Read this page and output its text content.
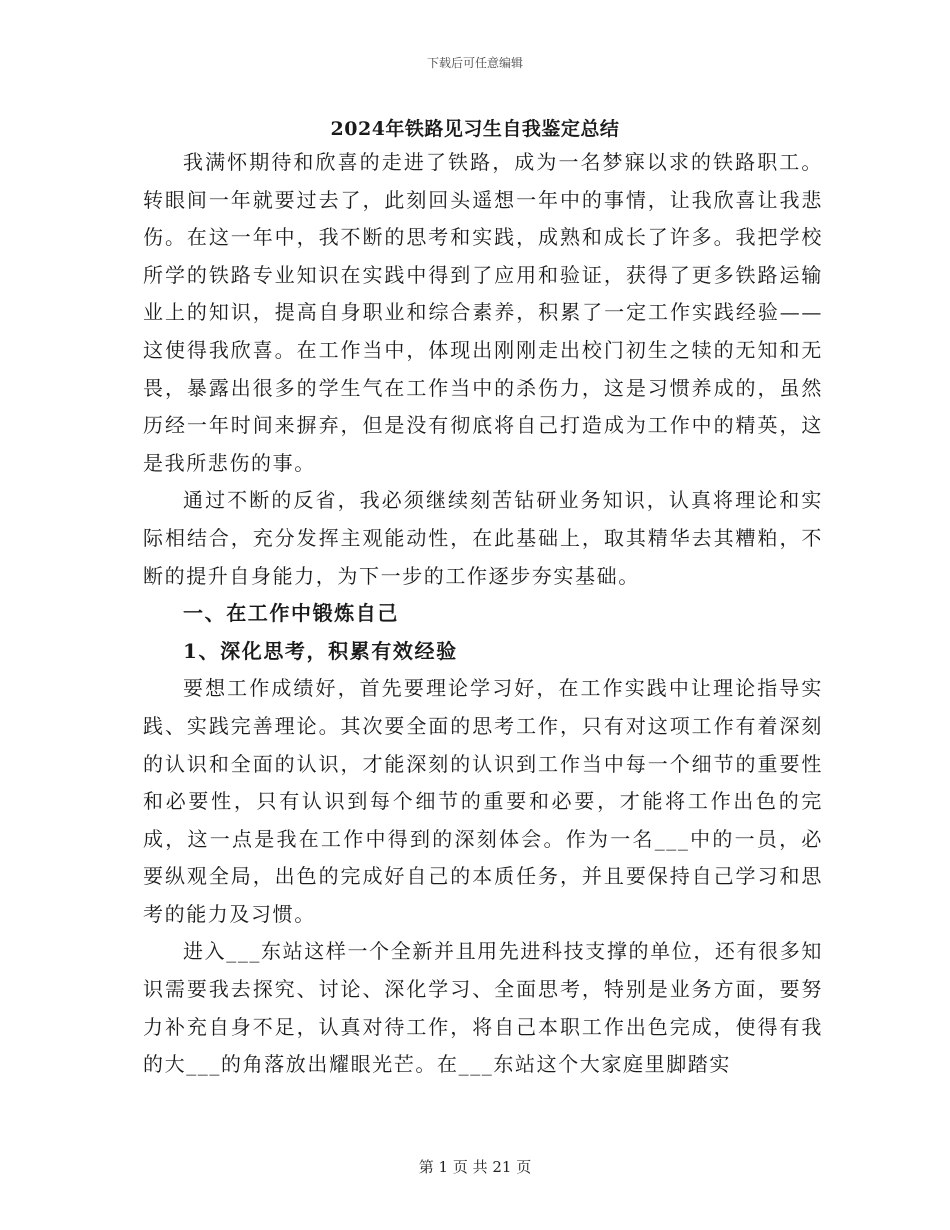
下载后可任意编辑
2024年铁路见习生自我鉴定总结

我满怀期待和欣喜的走进了铁路，成为一名梦寐以求的铁路职工。转眼间一年就要过去了，此刻回头遥想一年中的事情，让我欣喜让我悲伤。在这一年中，我不断的思考和实践，成熟和成长了许多。我把学校所学的铁路专业知识在实践中得到了应用和验证，获得了更多铁路运输业上的知识，提高自身职业和综合素养，积累了一定工作实践经验——这使得我欣喜。在工作当中，体现出刚刚走出校门初生之犊的无知和无畏，暴露出很多的学生气在工作当中的杀伤力，这是习惯养成的，虽然历经一年时间来摒弃，但是没有彻底将自己打造成为工作中的精英，这是我所悲伤的事。

通过不断的反省，我必须继续刻苦钻研业务知识，认真将理论和实际相结合，充分发挥主观能动性，在此基础上，取其精华去其糟粕，不断的提升自身能力，为下一步的工作逐步夯实基础。

一、在工作中锻炼自己

1、深化思考，积累有效经验

要想工作成绩好，首先要理论学习好，在工作实践中让理论指导实践、实践完善理论。其次要全面的思考工作，只有对这项工作有着深刻的认识和全面的认识，才能深刻的认识到工作当中每一个细节的重要性和必要性，只有认识到每个细节的重要和必要，才能将工作出色的完成，这一点是我在工作中得到的深刻体会。作为一名___中的一员，必要纵观全局，出色的完成好自己的本质任务，并且要保持自己学习和思考的能力及习惯。

进入___东站这样一个全新并且用先进科技支撑的单位，还有很多知识需要我去探究、讨论、深化学习、全面思考，特别是业务方面，要努力补充自身不足，认真对待工作，将自己本职工作出色完成，使得有我的大___的角落放出耀眼光芒。在___东站这个大家庭里脚踏实

第 1 页 共 21 页
